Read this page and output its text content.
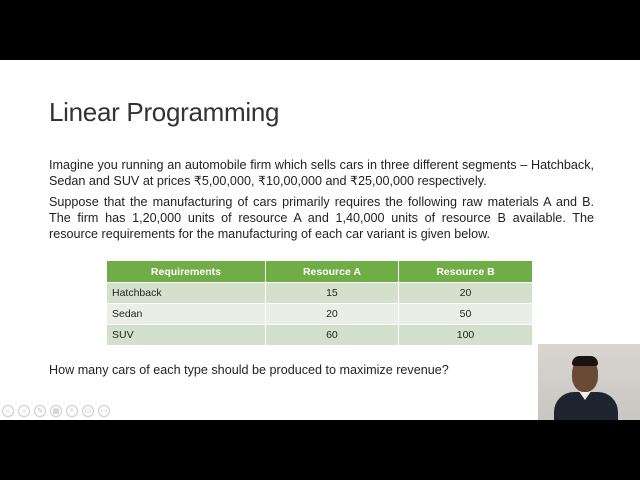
Linear Programming
Imagine you running an automobile firm which sells cars in three different segments – Hatchback, Sedan and SUV at prices ₹5,00,000, ₹10,00,000 and ₹25,00,000 respectively.
Suppose that the manufacturing of cars primarily requires the following raw materials A and B. The firm has 1,20,000 units of resource A and 1,40,000 units of resource B available. The resource requirements for the manufacturing of each car variant is given below.
Requirements	Resource A	Resource B
Hatchback	15	20
Sedan	20	50
SUV	60	100
How many cars of each type should be produced to maximize revenue?
‹	›	✎	▦	⌕	▭	⋯
